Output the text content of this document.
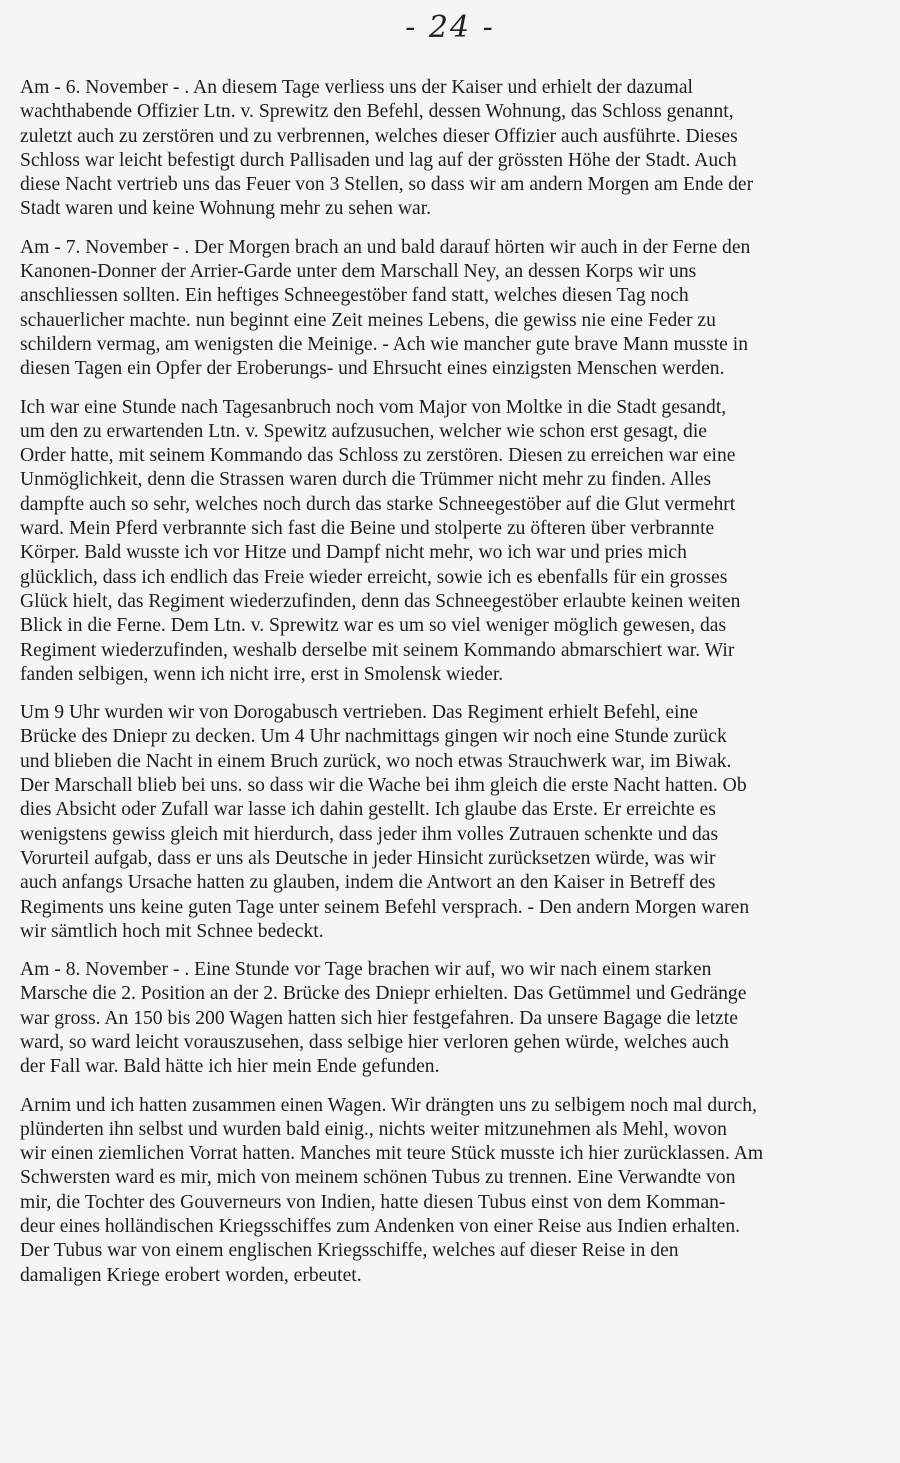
- 24 -

Am - 6. November - . An diesem Tage verliess uns der Kaiser und erhielt der dazumal
wachthabende Offizier Ltn. v. Sprewitz den Befehl, dessen Wohnung, das Schloss genannt,
zuletzt auch zu zerstören und zu verbrennen, welches dieser Offizier auch ausführte. Dieses
Schloss war leicht befestigt durch Pallisaden und lag auf der grössten Höhe der Stadt. Auch
diese Nacht vertrieb uns das Feuer von 3 Stellen, so dass wir am andern Morgen am Ende der
Stadt waren und keine Wohnung mehr zu sehen war.

Am - 7. November - . Der Morgen brach an und bald darauf hörten wir auch in der Ferne den
Kanonen-Donner der Arrier-Garde unter dem Marschall Ney, an dessen Korps wir uns
anschliessen sollten. Ein heftiges Schneegestöber fand statt, welches diesen Tag noch
schauerlicher machte. nun beginnt eine Zeit meines Lebens, die gewiss nie eine Feder zu
schildern vermag, am wenigsten die Meinige. - Ach wie mancher gute brave Mann musste in
diesen Tagen ein Opfer der Eroberungs- und Ehrsucht eines einzigsten Menschen werden.

Ich war eine Stunde nach Tagesanbruch noch vom Major von Moltke in die Stadt gesandt,
um den zu erwartenden Ltn. v. Spewitz aufzusuchen, welcher wie schon erst gesagt, die
Order hatte, mit seinem Kommando das Schloss zu zerstören. Diesen zu erreichen war eine
Unmöglichkeit, denn die Strassen waren durch die Trümmer nicht mehr zu finden. Alles
dampfte auch so sehr, welches noch durch das starke Schneegestöber auf die Glut vermehrt
ward. Mein Pferd verbrannte sich fast die Beine und stolperte zu öfteren über verbrannte
Körper. Bald wusste ich vor Hitze und Dampf nicht mehr, wo ich war und pries mich
glücklich, dass ich endlich das Freie wieder erreicht, sowie ich es ebenfalls für ein grosses
Glück hielt, das Regiment wiederzufinden, denn das Schneegestöber erlaubte keinen weiten
Blick in die Ferne. Dem Ltn. v. Sprewitz war es um so viel weniger möglich gewesen, das
Regiment wiederzufinden, weshalb derselbe mit seinem Kommando abmarschiert war. Wir
fanden selbigen, wenn ich nicht irre, erst in Smolensk wieder.

Um 9 Uhr wurden wir von Dorogabusch vertrieben. Das Regiment erhielt Befehl, eine
Brücke des Dniepr zu decken. Um 4 Uhr nachmittags gingen wir noch eine Stunde zurück
und blieben die Nacht in einem Bruch zurück, wo noch etwas Strauchwerk war, im Biwak.
Der Marschall blieb bei uns. so dass wir die Wache bei ihm gleich die erste Nacht hatten. Ob
dies Absicht oder Zufall war lasse ich dahin gestellt. Ich glaube das Erste. Er erreichte es
wenigstens gewiss gleich mit hierdurch, dass jeder ihm volles Zutrauen schenkte und das
Vorurteil aufgab, dass er uns als Deutsche in jeder Hinsicht zurücksetzen würde, was wir
auch anfangs Ursache hatten zu glauben, indem die Antwort an den Kaiser in Betreff des
Regiments uns keine guten Tage unter seinem Befehl versprach. - Den andern Morgen waren
wir sämtlich hoch mit Schnee bedeckt.

Am - 8. November - . Eine Stunde vor Tage brachen wir auf, wo wir nach einem starken
Marsche die 2. Position an der 2. Brücke des Dniepr erhielten. Das Getümmel und Gedränge
war gross. An 150 bis 200 Wagen hatten sich hier festgefahren. Da unsere Bagage die letzte
ward, so ward leicht vorauszusehen, dass selbige hier verloren gehen würde, welches auch
der Fall war. Bald hätte ich hier mein Ende gefunden.

Arnim und ich hatten zusammen einen Wagen. Wir drängten uns zu selbigem noch mal durch,
plünderten ihn selbst und wurden bald einig., nichts weiter mitzunehmen als Mehl, wovon
wir einen ziemlichen Vorrat hatten. Manches mit teure Stück musste ich hier zurücklassen. Am
Schwersten ward es mir, mich von meinem schönen Tubus zu trennen. Eine Verwandte von
mir, die Tochter des Gouverneurs von Indien, hatte diesen Tubus einst von dem Komman-
deur eines holländischen Kriegsschiffes zum Andenken von einer Reise aus Indien erhalten.
Der Tubus war von einem englischen Kriegsschiffe, welches auf dieser Reise in den
damaligen Kriege erobert worden, erbeutet.
